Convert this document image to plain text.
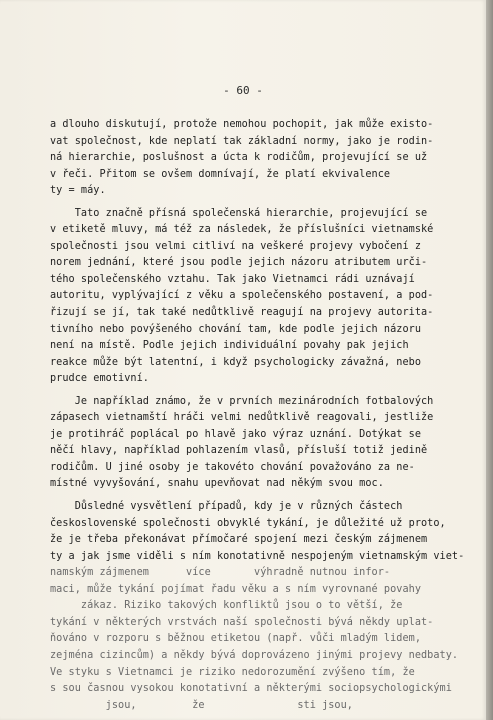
- 60 -
a dlouho diskutují, protože nemohou pochopit, jak může existo-
vat společnost, kde neplatí tak základní normy, jako je rodin-
ná hierarchie, poslušnost a úcta k rodičům, projevující se už
v řeči. Přitom se ovšem domnívají, že platí ekvivalence
ty = máy.
Tato značně přísná společenská hierarchie, projevující se
v etiketě mluvy, má též za následek, že příslušníci vietnamské
společnosti jsou velmi citliví na veškeré projevy vybočení z
norem jednání, které jsou podle jejich názoru atributem urči-
tého společenského vztahu. Tak jako Vietnamci rádi uznávají
autoritu, vyplývající z věku a společenského postavení, a pod-
řizují se jí, tak také nedůtklivě reagují na projevy autorita-
tivního nebo povýšeného chování tam, kde podle jejich názoru
není na místě. Podle jejich individuální povahy pak jejich
reakce může být latentní, i když psychologicky závažná, nebo
prudce emotivní.
Je například známo, že v prvních mezinárodních fotbalových
zápasech vietnamští hráči velmi nedůtklivě reagovali, jestliže
je protihráč poplácal po hlavě jako výraz uznání. Dotýkat se
něčí hlavy, například pohlazením vlasů, přísluší totiž jedině
rodičům. U jiné osoby je takovéto chování považováno za ne-
místné vyvyšování, snahu upevňovat nad někým svou moc.
Důsledné vysvětlení případů, kdy je v různých částech
československé společnosti obvyklé tykání, je důležité už proto,
že je třeba překonávat přímočaré spojení mezi českým zájmenem
ty a jak jsme viděli s ním konotativně nespojeným vietnamským viet-
namským zájmenem      více       výhradně nutnou infor-
maci, může tykání pojímat řadu věku a s ním vyrovnané povahy
zákaz. Riziko takových konfliktů jsou o to větší, že
tykání v některých vrstvách naší společnosti bývá někdy uplat-
ňováno v rozporu s běžnou etiketou (např. vůči mladým lidem,
zejména cizincům) a někdy bývá doprovázeno jinými projevy nedbaty.
Ve styku s Vietnamci je riziko nedorozumění zvýšeno tím, že
s sou časnou vysokou konotativní a některými sociopsychologickými
jsou,         že               sti jsou,
